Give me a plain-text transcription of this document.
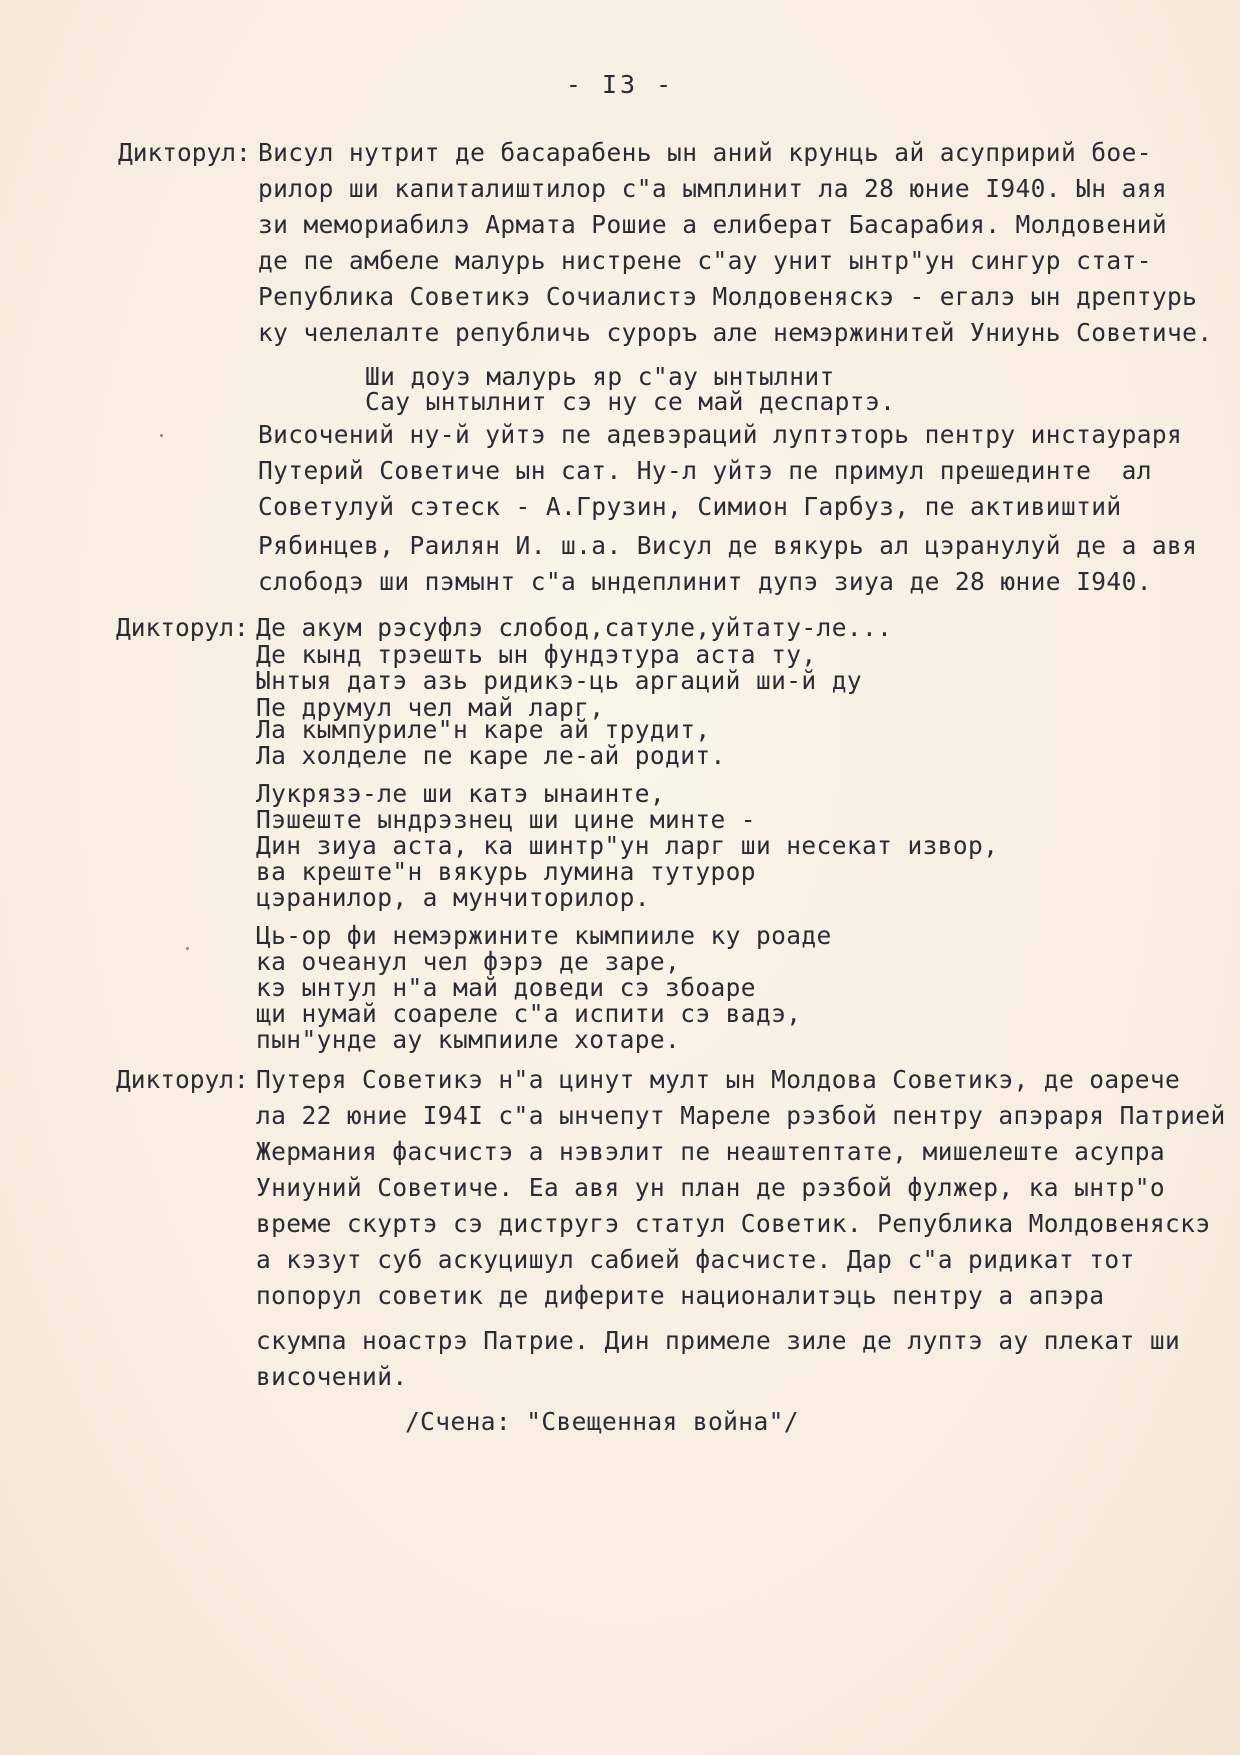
- I3 -
Дикторул: Висул нутрит де басарабень ын аний крунць ай асупририй бое-
рилор ши капиталиштилор с"а ымплинит ла 28 юние I940. Ын аяя
зи мемориабилэ Армата Рошие а елиберат Басарабия. Молдовений
де пе амбеле малурь нистрене с"ау унит ынтр"ун сингур стат-
Република Советикэ Сочиалистэ Молдовеняскэ - егалэ ын дрептурь
ку челелалте републичь суроръ але немэржинитей Униунь Советиче.
Ши доуэ малурь яр с"ау ынтылнит
Сау ынтылнит сэ ну се май деспартэ.
Височений ну-й уйтэ пе адевэраций луптэторь пентру инстаураря
Путерий Советиче ын сат. Ну-л уйтэ пе примул прешединте  ал
Советулуй сэтеск - А.Грузин, Симион Гарбуз, пе активиштий
Рябинцев, Раилян И. ш.а. Висул де вякурь ал цэранулуй де а авя
слободэ ши пэмынт с"а ындеплинит дупэ зиуа де 28 юние I940.
Дикторул: Де акум рэсуфлэ слобод,сатуле,уйтату-ле...
Де кынд трэешть ын фундэтура аста ту,
Ынтыя датэ азь ридикэ-ць аргаций ши-й ду
Пе друмул чел май ларг,
Ла кымпуриле"н каре ай трудит,
Ла холделе пе каре ле-ай родит.
Лукрязэ-ле ши катэ ынаинте,
Пэшеште ындрэзнец ши цине минте -
Дин зиуа аста, ка шинтр"ун ларг ши несекат извор,
ва креште"н вякурь лумина тутурор
цэранилор, а мунчиторилор.
Ць-ор фи немэржините кымпииле ку роаде
ка очеанул чел фэрэ де заре,
кэ ынтул н"а май доведи сэ збоаре
щи нумай соареле с"а испити сэ вадэ,
пын"унде ау кымпииле хотаре.
Дикторул: Путеря Советикэ н"а цинут мулт ын Молдова Советикэ, де оаречe
ла 22 юние I94I с"а ынчепут Мареле рэзбой пентру апэраря Патрией
Жермания фасчистэ а нэвэлит пе неаштептате, мишелеште асупра
Униуний Советиче. Еа авя ун план де рэзбой фулжер, ка ынтр"о
време скуртэ сэ дистругэ статул Советик. Република Молдовеняскэ
а кэзут суб аскуцишул сабией фасчисте. Дар с"а ридикат тот
попорул советик де диферите националитэць пентру а апэра
скумпа ноастрэ Патрие. Дин примеле зиле де луптэ ау плекат ши
височений.
/Счена: "Свещенная война"/
